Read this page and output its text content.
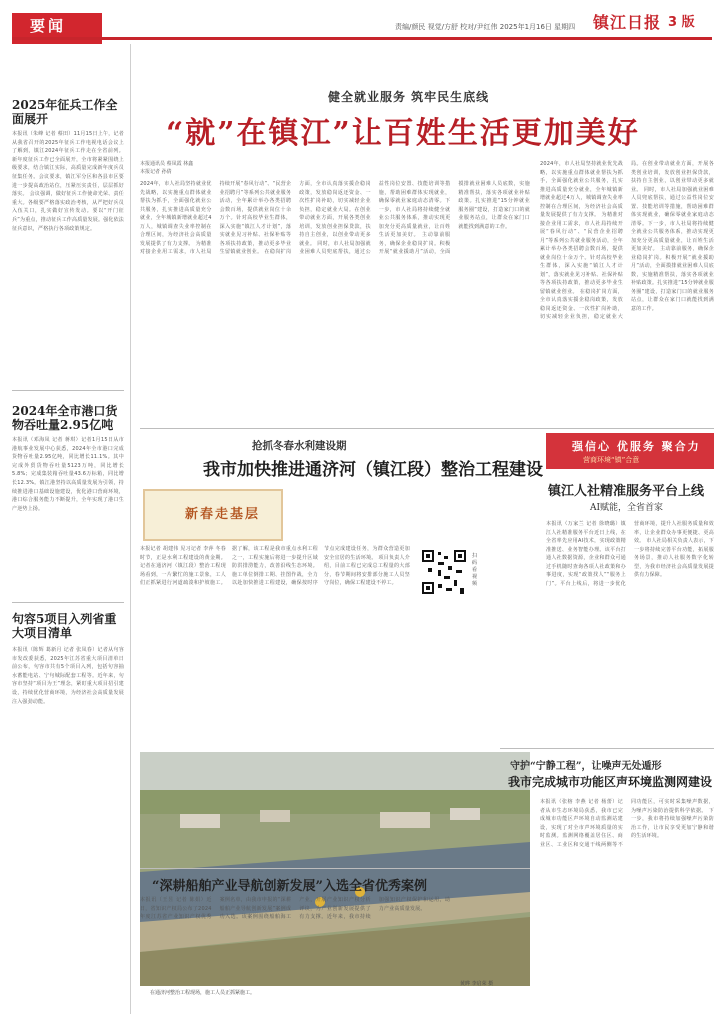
要闻	责编/颜民 视觉/方舒 校对/尹红伟 2025年1月16日 星期四 镇江日报 3 版
2025年征兵工作全面展开
本报讯（朱峰 记者 蔡田）11月15日上午，记者从我省召开的2025年征兵工作电视电话会议上了解到，镇江2024年征兵工作走在全省前列。新年度征兵工作已全面展开，全市将紧紧围绕上级要求，结合镇江实际，高质量完成新年度兵员征集任务。会议要求，镇江军分区和各县市区要进一步提高政治站位，压紧压实责任，层层抓好落实。 会议强调，做好征兵工作使命光荣、责任重大。各级要严格落实政治考核，从严把好兵员入伍关口，扎实做好宣传发动。要以“开门征兵”为重点，推动征兵工作高质量发展。强化依法征兵意识，严格执行各项政策规定。
2024年全市港口货物吞吐量2.95亿吨
本报讯（邓海凤 记者 蒋琪）记者1月15日从市港航事业发展中心获悉，2024年全市港口完成货物吞吐量2.95亿吨，同比增长11.1%。其中完成外贸货物吞吐量5123万吨，同比增长5.8%；完成集装箱吞吐量43.6万标箱，同比增长12.3%。镇江港坚持以高质量发展为引领，持续推进港口基础设施建设，优化港口营商环境，港口综合服务能力不断提升，全年实现了港口生产逆势上扬。
句容5项目入列省重大项目清单
本报讯（陈辉 葛新月 记者 张凤春）记者从句容市发改委获悉，2025年江苏省重大项目清单日前公布，句容市共有5个项目入列，包括句容抽水蓄能电站、宁句城际配套工程等。近年来，句容市坚持“项目为王”理念，紧盯重大项目招引建设，持续优化营商环境，为经济社会高质量发展注入强劲动能。
健全就业服务 筑牢民生底线
“就”在镇江”让百姓生活更加美好
本报通讯员 蔡凤霞 林鑫
本报记者 孙倩
2024年，市人社局坚持就业优先战略，以实施重点群体就业帮扶为抓手，全面强化就业公共服务，扎实推进高质量充分就业，全年城镇新增就业超过4万人，城镇调查失业率控制在合理区间，为经济社会高质量发展提供了有力支撑。 为精准对接企业用工需求，市人社局持续开展“春风行动”、“民营企业招聘月”等系列公共就业服务活动，全年累计举办各类招聘会数百场，提供就业岗位十余万个。针对高校毕业生群体，深入实施“镇江人才计划”，落实就业见习补贴、社保补贴等各项扶持政策，推动更多毕业生留镇就业创业。 在稳岗扩岗方面，全市认真落实援企稳岗政策，发放稳岗返还资金、一次性扩岗补助，切实减轻企业负担，稳定就业大局。在创业带动就业方面，开展各类创业培训，发放创业担保贷款，扶持自主创业，以创业带动更多就业。 同时，市人社局加强就业困难人员兜底帮扶，通过公益性岗位安置、技能培训等措施，帮助困难群体实现就业，确保零就业家庭动态清零。下一步，市人社局将持续健全就业公共服务体系，推动实现更加充分更高质量就业，让百姓生活更加美好。 主动靠前服务，确保企业稳岗扩岗。积极开展“就业援助月”活动，全面摸排就业困难人员底数，实施精准帮扶，落实各项就业补贴政策。扎实推进“15分钟就业服务圈”建设，打造家门口的就业服务站点，让群众在家门口就能找到满意的工作。
2024年，市人社局坚持就业优先战略，以实施重点群体就业帮扶为抓手，全面强化就业公共服务，扎实推进高质量充分就业，全年城镇新增就业超过4万人，城镇调查失业率控制在合理区间，为经济社会高质量发展提供了有力支撑。 为精准对接企业用工需求，市人社局持续开展“春风行动”、“民营企业招聘月”等系列公共就业服务活动，全年累计举办各类招聘会数百场，提供就业岗位十余万个。针对高校毕业生群体，深入实施“镇江人才计划”，落实就业见习补贴、社保补贴等各项扶持政策，推动更多毕业生留镇就业创业。 在稳岗扩岗方面，全市认真落实援企稳岗政策，发放稳岗返还资金、一次性扩岗补助，切实减轻企业负担，稳定就业大局。在创业带动就业方面，开展各类创业培训，发放创业担保贷款，扶持自主创业，以创业带动更多就业。 同时，市人社局加强就业困难人员兜底帮扶，通过公益性岗位安置、技能培训等措施，帮助困难群体实现就业，确保零就业家庭动态清零。下一步，市人社局将持续健全就业公共服务体系，推动实现更加充分更高质量就业，让百姓生活更加美好。 主动靠前服务，确保企业稳岗扩岗。积极开展“就业援助月”活动，全面摸排就业困难人员底数，实施精准帮扶，落实各项就业补贴政策。扎实推进“15分钟就业服务圈”建设，打造家门口的就业服务站点，让群众在家门口就能找到满意的工作。
抢抓冬春水利建设期
我市加快推进通济河（镇江段）整治工程建设
新春走基层
本报记者 胡建伟 见习记者 李萍 冬春时节，正是水利工程建设的黄金期。记者在通济河（镇江段）整治工程现场看到，一片繁忙的施工景象，工人们正抓紧进行河道疏浚和护坡施工。据了解，该工程是我市重点水利工程之一，工程实施后将进一步提升区域防洪排涝能力，改善沿线生态环境。施工单位倒排工期、挂图作战，全力以赴加快推进工程建设，确保按时序节点完成建设任务，为群众营造更加安全宜居的生活环境。 项目负责人介绍，目前工程已完成总工程量的大部分，春节期间将安排部分施工人员坚守岗位，确保工程建设不停工。
扫码看视频
在通济河整治工程现场，施工人员正抓紧施工。
黄晔 李启荣 摄
强信心 优服务 聚合力
营商环境“镇”合意
镇江人社精准服务平台上线
AI赋能，全省首家
本报讯（万家兰 记者 徐晓璐）镇江人社精准服务平台近日上线，在全省率先应用AI技术，实现政策精准推送、业务智能办理。该平台打通人社数据资源，企业和群众可通过手机随时查询各项人社政策和办事进度，实现“政策找人”“服务上门”。平台上线后，将进一步优化营商环境，提升人社服务质量和效率，让企业群众办事更便捷、更高效。 市人社局相关负责人表示，下一步将持续完善平台功能，拓展服务场景，推动人社服务数字化转型，为我市经济社会高质量发展提供有力保障。
守护“宁静工程”，让噪声无处遁形
我市完成城市功能区声环境监测网建设
本报讯（张榕 李燕 记者 杨蕾）记者从市生态环境局获悉，我市已完成城市功能区声环境自动监测站建设，实现了对全市声环境质量的实时监测。监测网络覆盖居住区、商业区、工业区和交通干线两侧等不同功能区，可实时采集噪声数据，为噪声污染防治提供科学依据。 下一步，我市将持续加强噪声污染防治工作，让市民享受更加宁静和谐的生活环境。
“深耕船舶产业导航创新发展”入选全省优秀案例
本报讯（王昱 记者 陈娟）近日，省知识产权局公布了2024年度江苏省产业知识产权优秀案例名单，由我市申报的“深耕船舶产业导航创新发展”案例成功入选。该案例围绕船舶海工产业，开展产业知识产权分析评议，为产业创新发展提供了有力支撑。近年来，我市持续加强知识产权保护和运用，助力产业高质量发展。
